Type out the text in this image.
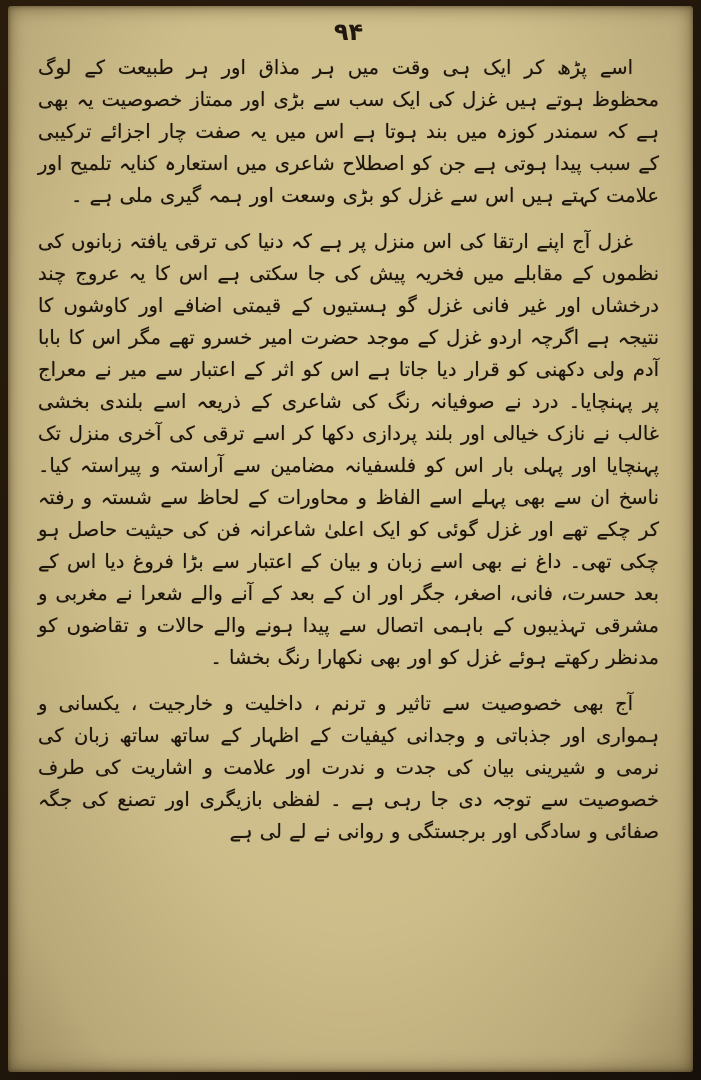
۹۴

اسے پڑھ کر ایک ہی وقت میں ہر مذاق اور ہر طبیعت کے لوگ محظوظ ہوتے ہیں غزل کی ایک سب سے بڑی اور ممتاز خصوصیت یہ بھی ہے کہ سمندر کوزہ میں بند ہوتا ہے اس میں یہ صفت چار اجزائے ترکیبی کے سبب پیدا ہوتی ہے جن کو اصطلاح شاعری میں استعارہ کنایہ تلمیح اور علامت کہتے ہیں اس سے غزل کو بڑی وسعت اور ہمہ گیری ملی ہے ۔

غزل آج اپنے ارتقا کی اس منزل پر ہے کہ دنیا کی ترقی یافتہ زبانوں کی نظموں کے مقابلے میں فخریہ پیش کی جا سکتی ہے اس کا یہ عروج چند درخشاں اور غیر فانی غزل گو ہستیوں کے قیمتی اضافے اور کاوشوں کا نتیجہ ہے اگرچہ اردو غزل کے موجد حضرت امیر خسرو تھے مگر اس کا بابا آدم ولی دکھنی کو قرار دیا جاتا ہے اس کو اثر کے اعتبار سے میر نے معراج پر پہنچایا۔ درد نے صوفیانہ رنگ کی شاعری کے ذریعہ اسے بلندی بخشی غالب نے نازک خیالی اور بلند پردازی دکھا کر اسے ترقی کی آخری منزل تک پہنچایا اور پہلی بار اس کو فلسفیانہ مضامین سے آراستہ و پیراستہ کیا۔ ناسخ ان سے بھی پہلے اسے الفاظ و محاورات کے لحاظ سے شستہ و رفتہ کر چکے تھے اور غزل گوئی کو ایک اعلیٰ شاعرانہ فن کی حیثیت حاصل ہو چکی تھی۔ داغ نے بھی اسے زبان و بیان کے اعتبار سے بڑا فروغ دیا اس کے بعد حسرت، فانی، اصغر، جگر اور ان کے بعد کے آنے والے شعرا نے مغربی و مشرقی تہذیبوں کے باہمی اتصال سے پیدا ہونے والے حالات و تقاضوں کو مدنظر رکھتے ہوئے غزل کو اور بھی نکھارا رنگ بخشا ۔

آج بھی خصوصیت سے تاثیر و ترنم ، داخلیت و خارجیت ، یکسانی و ہمواری اور جذباتی و وجدانی کیفیات کے اظہار کے ساتھ ساتھ زبان کی نرمی و شیرینی بیان کی جدت و ندرت اور علامت و اشاریت کی طرف خصوصیت سے توجہ دی جا رہی ہے ۔ لفظی بازیگری اور تصنع کی جگہ صفائی و سادگی اور برجستگی و روانی نے لے لی ہے
